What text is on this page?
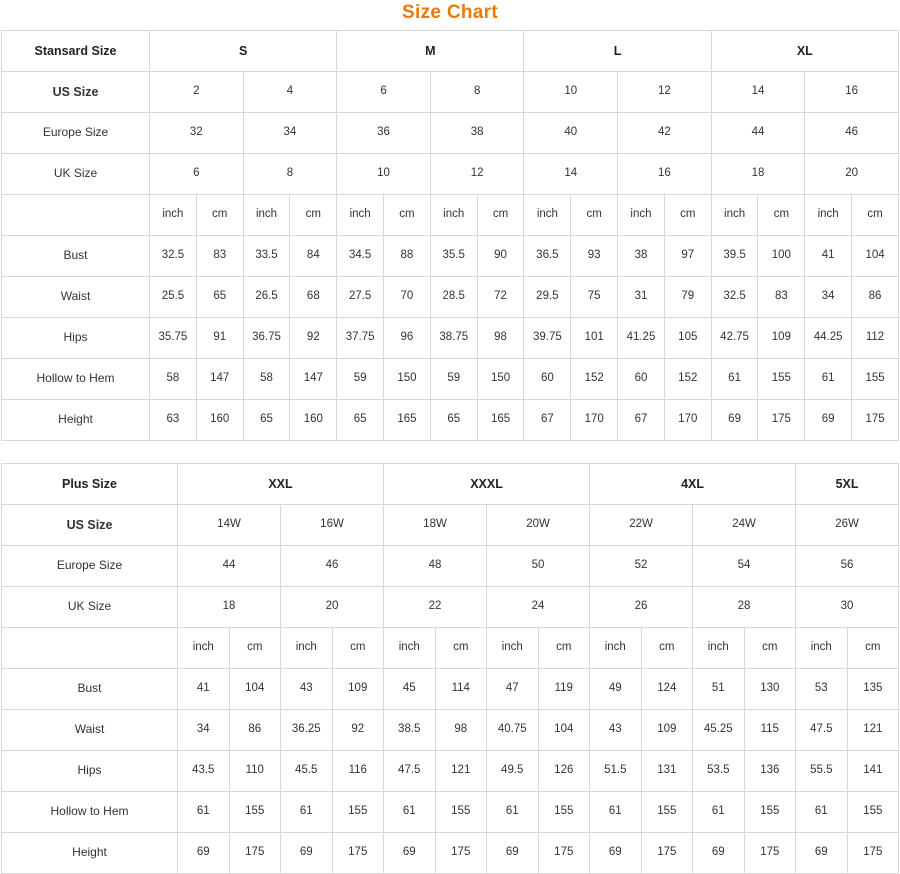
Size Chart
Stansard Size	S				M				L				XL			
US Size	2		4		6		8		10		12		14		16	
Europe Size	32		34		36		38		40		42		44		46	
UK Size	6		8		10		12		14		16		18		20	
	inch	cm	inch	cm	inch	cm	inch	cm	inch	cm	inch	cm	inch	cm	inch	cm
Bust	32.5	83	33.5	84	34.5	88	35.5	90	36.5	93	38	97	39.5	100	41	104
Waist	25.5	65	26.5	68	27.5	70	28.5	72	29.5	75	31	79	32.5	83	34	86
Hips	35.75	91	36.75	92	37.75	96	38.75	98	39.75	101	41.25	105	42.75	109	44.25	112
Hollow to Hem	58	147	58	147	59	150	59	150	60	152	60	152	61	155	61	155
Height	63	160	65	160	65	165	65	165	67	170	67	170	69	175	69	175
Plus Size	XXL				XXXL				4XL				5XL	
US Size	14W		16W		18W		20W		22W		24W		26W	
Europe Size	44		46		48		50		52		54		56	
UK Size	18		20		22		24		26		28		30	
	inch	cm	inch	cm	inch	cm	inch	cm	inch	cm	inch	cm	inch	cm
Bust	41	104	43	109	45	114	47	119	49	124	51	130	53	135
Waist	34	86	36.25	92	38.5	98	40.75	104	43	109	45.25	115	47.5	121
Hips	43.5	110	45.5	116	47.5	121	49.5	126	51.5	131	53.5	136	55.5	141
Hollow to Hem	61	155	61	155	61	155	61	155	61	155	61	155	61	155
Height	69	175	69	175	69	175	69	175	69	175	69	175	69	175
